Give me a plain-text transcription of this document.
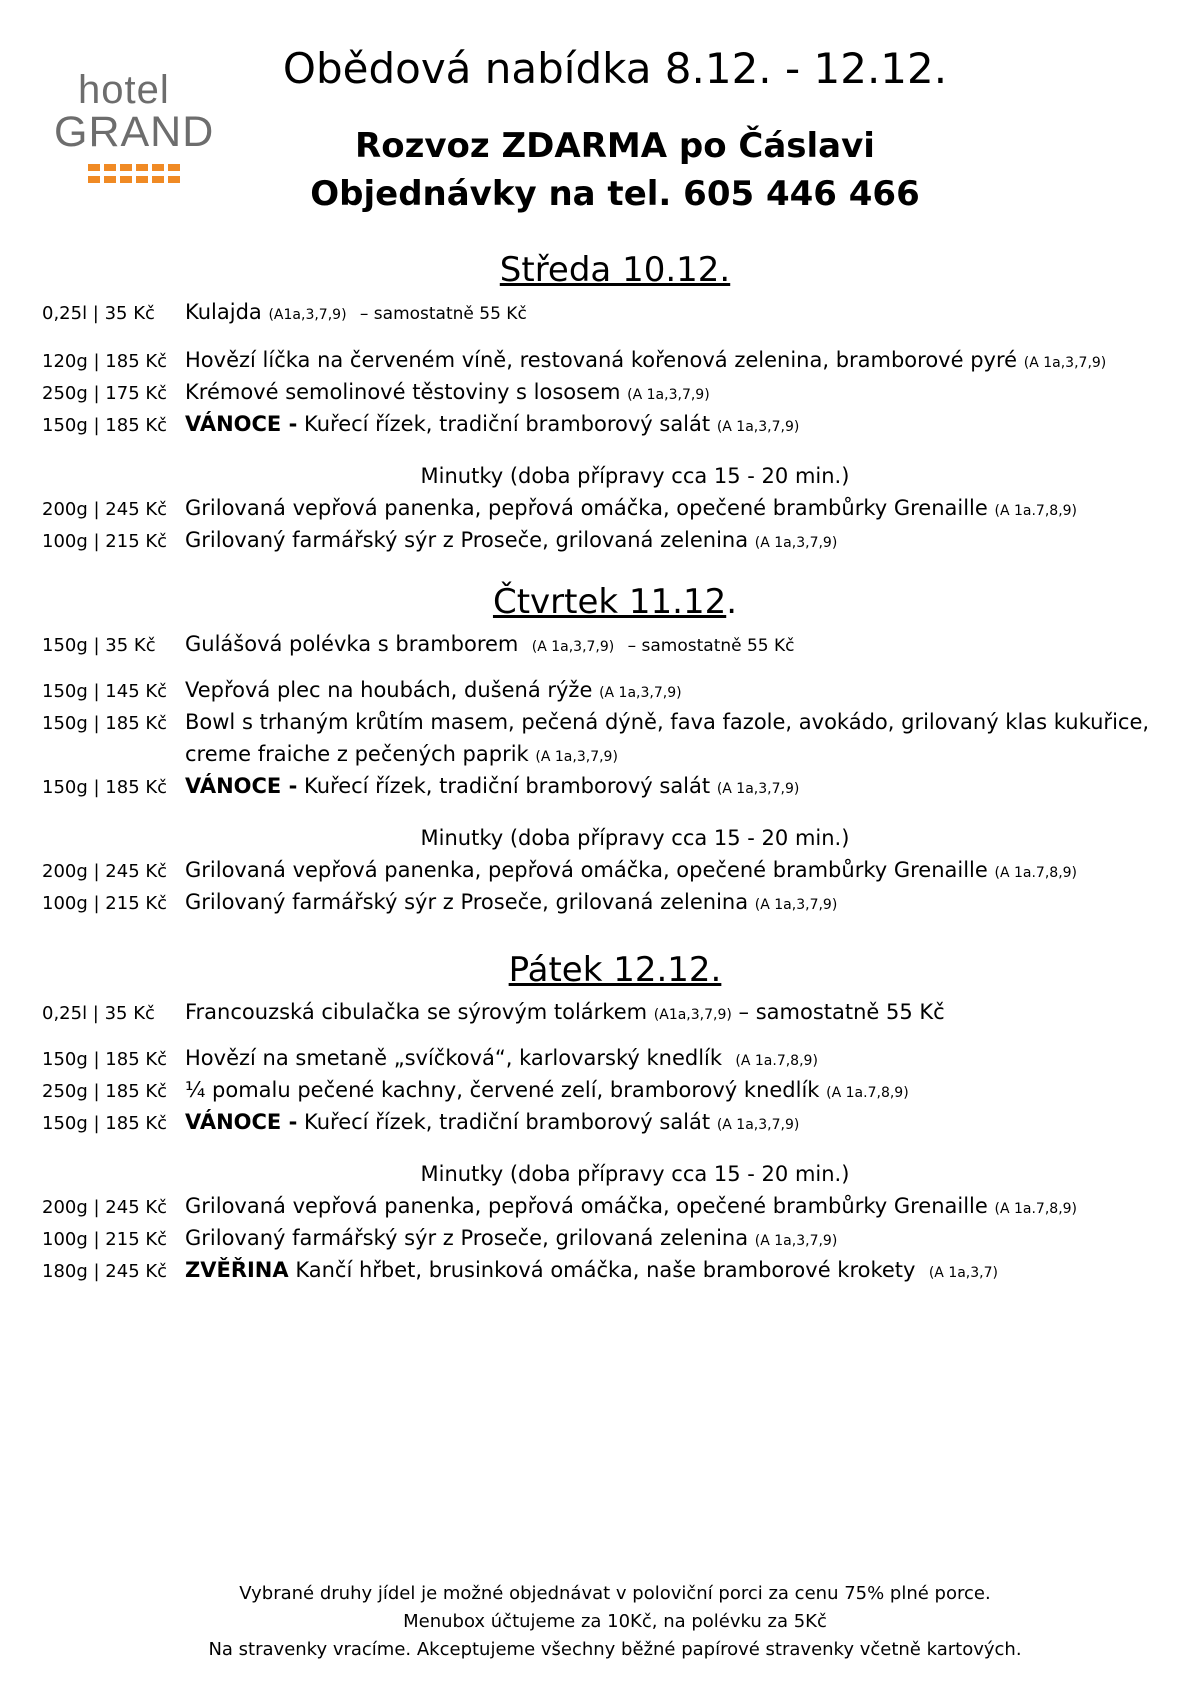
hotel
GRAND
Obědová nabídka 8.12. - 12.12.
Rozvoz ZDARMA po Čáslavi
Objednávky na tel. 605 446 466
Středa 10.12.
0,25l | 35 Kč Kulajda (A1a,3,7,9) – samostatně 55 Kč
120g | 185 Kč Hovězí líčka na červeném víně, restovaná kořenová zelenina, bramborové pyré (A 1a,3,7,9)
250g | 175 Kč Krémové semolinové těstoviny s lososem (A 1a,3,7,9)
150g | 185 Kč VÁNOCE - Kuřecí řízek, tradiční bramborový salát (A 1a,3,7,9)
Minutky (doba přípravy cca 15 - 20 min.)
200g | 245 Kč Grilovaná vepřová panenka, pepřová omáčka, opečené brambůrky Grenaille (A 1a.7,8,9)
100g | 215 Kč Grilovaný farmářský sýr z Proseče, grilovaná zelenina (A 1a,3,7,9)
Čtvrtek 11.12.
150g | 35 Kč Gulášová polévka s bramborem (A 1a,3,7,9) – samostatně 55 Kč
150g | 145 Kč Vepřová plec na houbách, dušená rýže (A 1a,3,7,9)
150g | 185 Kč Bowl s trhaným krůtím masem, pečená dýně, fava fazole, avokádo, grilovaný klas kukuřice,
creme fraiche z pečených paprik (A 1a,3,7,9)
150g | 185 Kč VÁNOCE - Kuřecí řízek, tradiční bramborový salát (A 1a,3,7,9)
Minutky (doba přípravy cca 15 - 20 min.)
200g | 245 Kč Grilovaná vepřová panenka, pepřová omáčka, opečené brambůrky Grenaille (A 1a.7,8,9)
100g | 215 Kč Grilovaný farmářský sýr z Proseče, grilovaná zelenina (A 1a,3,7,9)
Pátek 12.12.
0,25l | 35 Kč Francouzská cibulačka se sýrovým tolárkem (A1a,3,7,9) – samostatně 55 Kč
150g | 185 Kč Hovězí na smetaně „svíčková“, karlovarský knedlík (A 1a.7,8,9)
250g | 185 Kč ¼ pomalu pečené kachny, červené zelí, bramborový knedlík (A 1a.7,8,9)
150g | 185 Kč VÁNOCE - Kuřecí řízek, tradiční bramborový salát (A 1a,3,7,9)
Minutky (doba přípravy cca 15 - 20 min.)
200g | 245 Kč Grilovaná vepřová panenka, pepřová omáčka, opečené brambůrky Grenaille (A 1a.7,8,9)
100g | 215 Kč Grilovaný farmářský sýr z Proseče, grilovaná zelenina (A 1a,3,7,9)
180g | 245 Kč ZVĚŘINA Kančí hřbet, brusinková omáčka, naše bramborové krokety (A 1a,3,7)
Vybrané druhy jídel je možné objednávat v poloviční porci za cenu 75% plné porce.
Menubox účtujeme za 10Kč, na polévku za 5Kč
Na stravenky vracíme. Akceptujeme všechny běžné papírové stravenky včetně kartových.
